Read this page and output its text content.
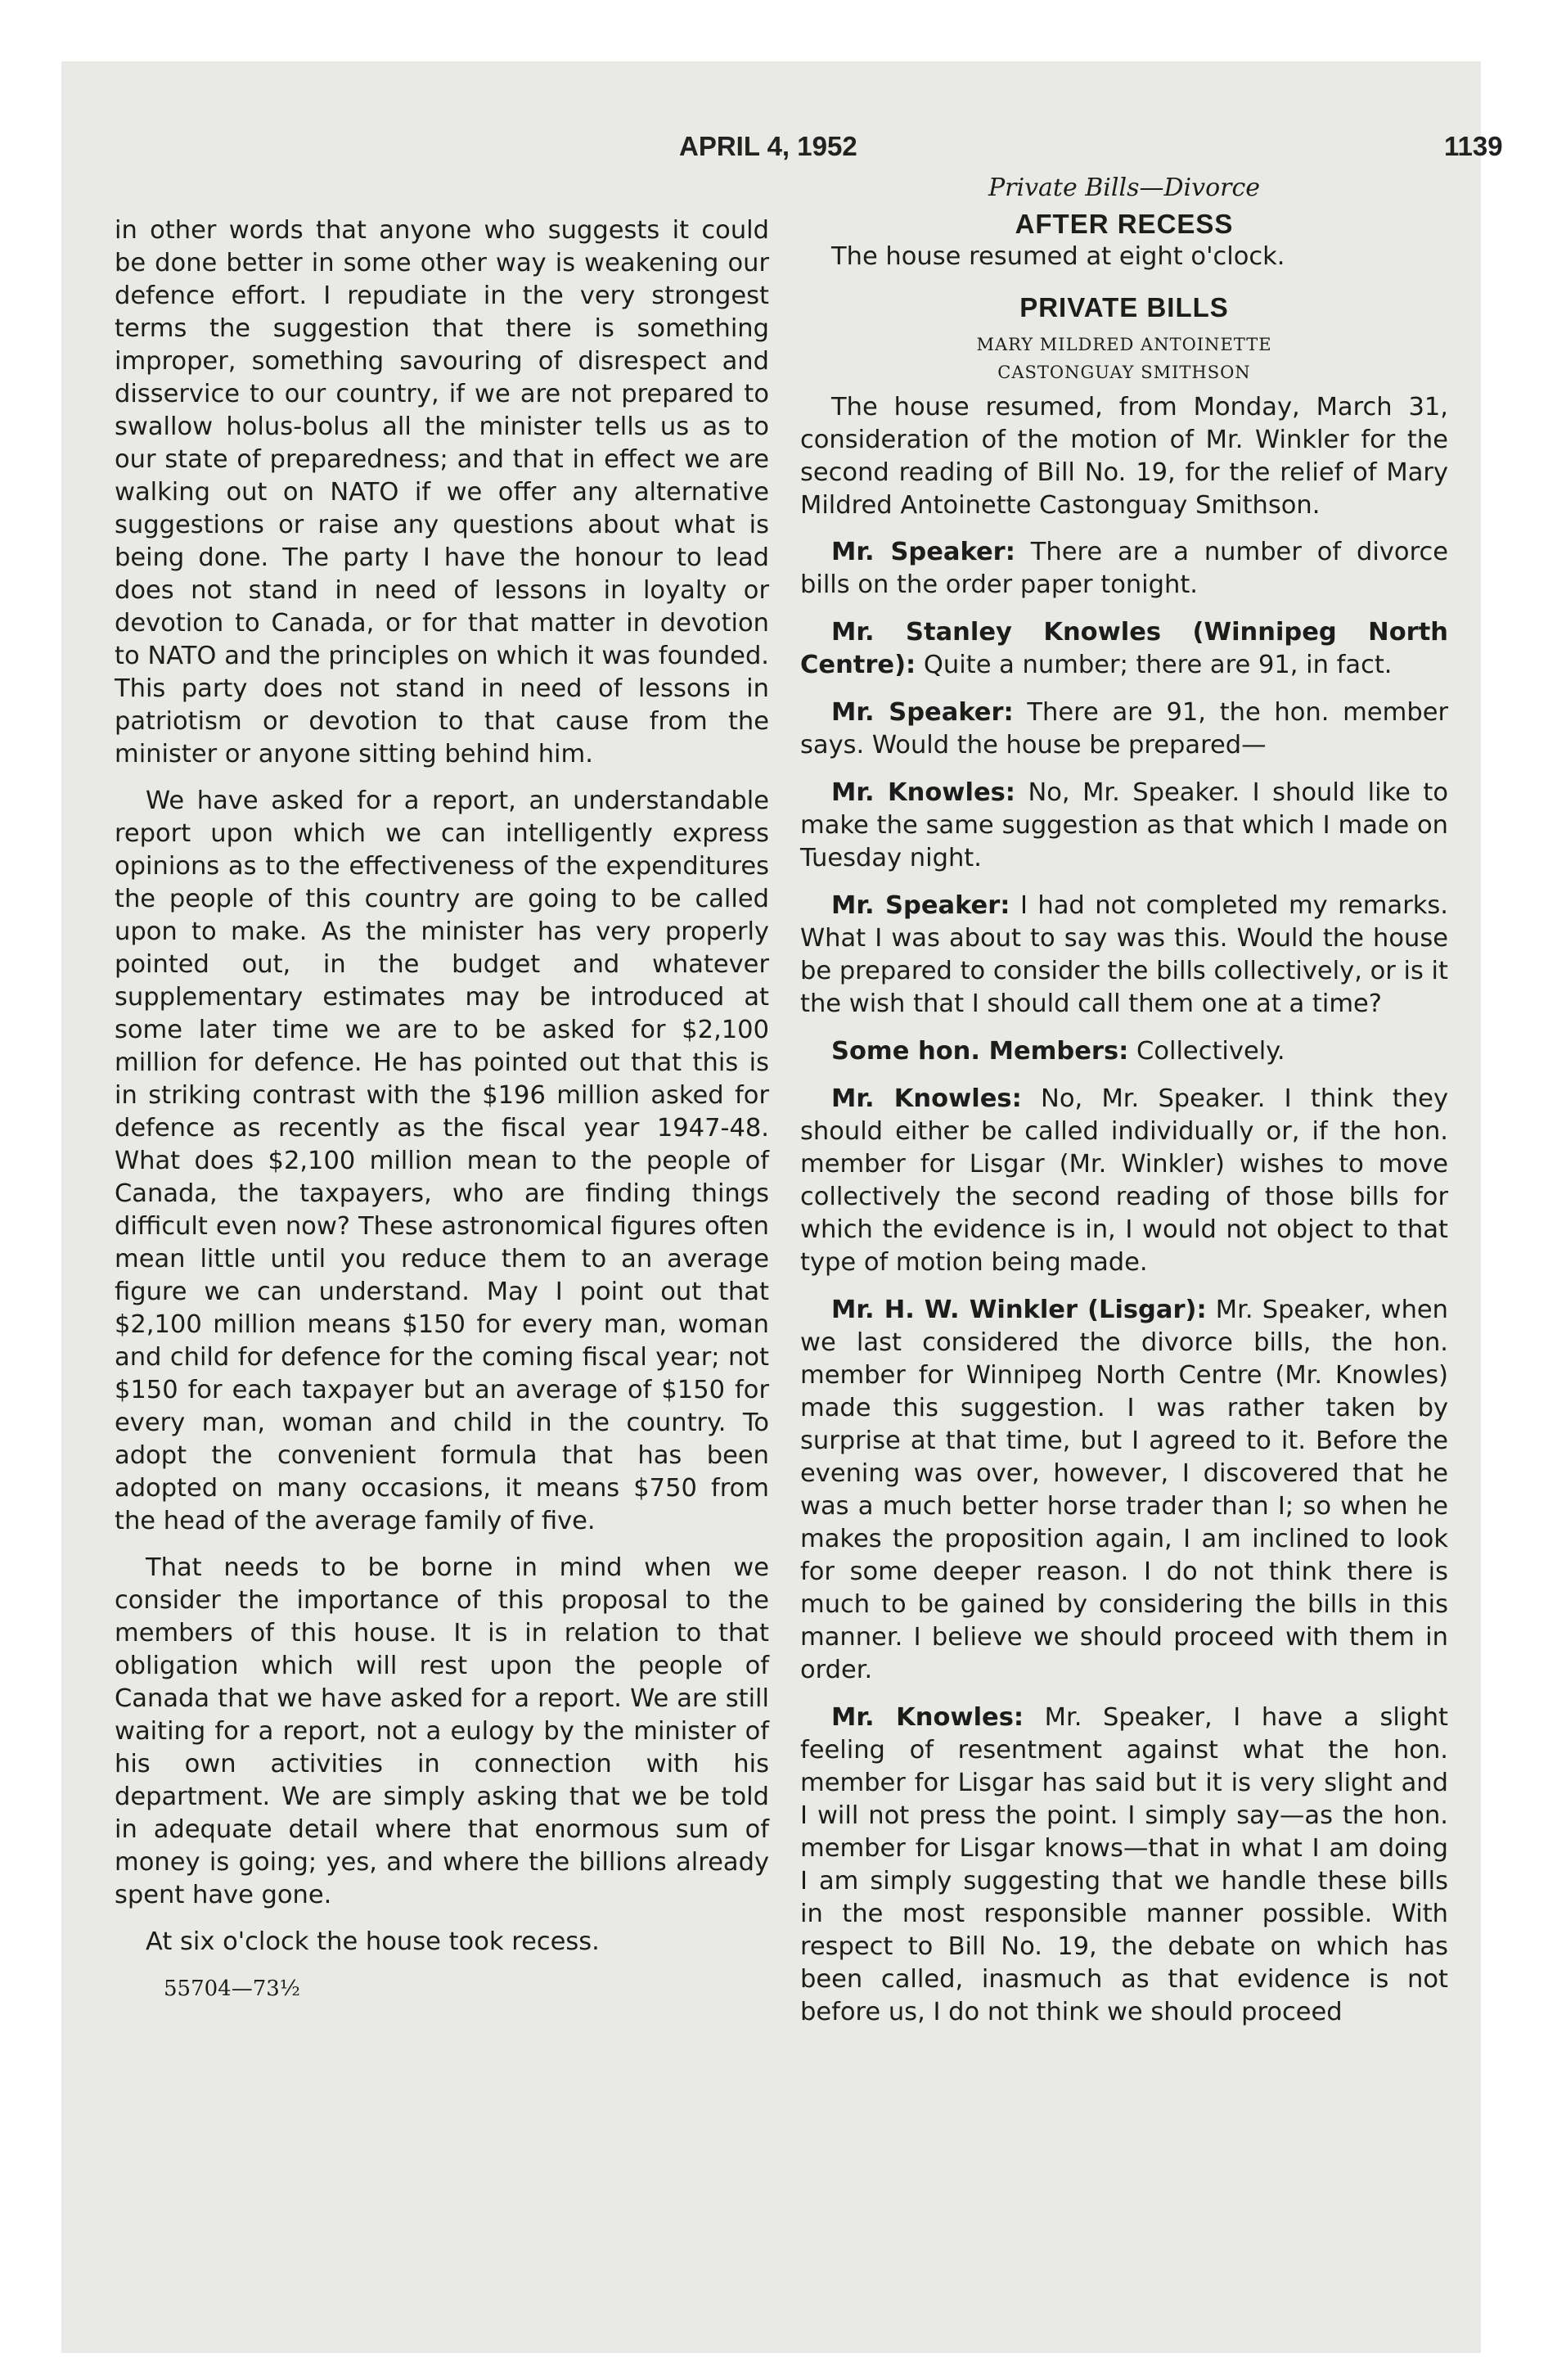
APRIL 4, 1952	1139

in other words that anyone who suggests it could be done better in some other way is weakening our defence effort. I repudiate in the very strongest terms the suggestion that there is something improper, something savouring of disrespect and disservice to our country, if we are not prepared to swallow holus-bolus all the minister tells us as to our state of preparedness; and that in effect we are walking out on NATO if we offer any alternative suggestions or raise any questions about what is being done. The party I have the honour to lead does not stand in need of lessons in loyalty or devotion to Canada, or for that matter in devotion to NATO and the principles on which it was founded. This party does not stand in need of lessons in patriotism or devotion to that cause from the minister or anyone sitting behind him.

We have asked for a report, an understandable report upon which we can intelligently express opinions as to the effectiveness of the expenditures the people of this country are going to be called upon to make. As the minister has very properly pointed out, in the budget and whatever supplementary estimates may be introduced at some later time we are to be asked for $2,100 million for defence. He has pointed out that this is in striking contrast with the $196 million asked for defence as recently as the fiscal year 1947-48. What does $2,100 million mean to the people of Canada, the taxpayers, who are finding things difficult even now? These astronomical figures often mean little until you reduce them to an average figure we can understand. May I point out that $2,100 million means $150 for every man, woman and child for defence for the coming fiscal year; not $150 for each taxpayer but an average of $150 for every man, woman and child in the country. To adopt the convenient formula that has been adopted on many occasions, it means $750 from the head of the average family of five.

That needs to be borne in mind when we consider the importance of this proposal to the members of this house. It is in relation to that obligation which will rest upon the people of Canada that we have asked for a report. We are still waiting for a report, not a eulogy by the minister of his own activities in connection with his department. We are simply asking that we be told in adequate detail where that enormous sum of money is going; yes, and where the billions already spent have gone.

At six o'clock the house took recess.

55704—73½
Private Bills—Divorce
AFTER RECESS

The house resumed at eight o'clock.

PRIVATE BILLS
MARY MILDRED ANTOINETTE
CASTONGUAY SMITHSON

The house resumed, from Monday, March 31, consideration of the motion of Mr. Winkler for the second reading of Bill No. 19, for the relief of Mary Mildred Antoinette Castonguay Smithson.

Mr. Speaker: There are a number of divorce bills on the order paper tonight.

Mr. Stanley Knowles (Winnipeg North Centre): Quite a number; there are 91, in fact.

Mr. Speaker: There are 91, the hon. member says. Would the house be prepared—

Mr. Knowles: No, Mr. Speaker. I should like to make the same suggestion as that which I made on Tuesday night.

Mr. Speaker: I had not completed my remarks. What I was about to say was this. Would the house be prepared to consider the bills collectively, or is it the wish that I should call them one at a time?

Some hon. Members: Collectively.

Mr. Knowles: No, Mr. Speaker. I think they should either be called individually or, if the hon. member for Lisgar (Mr. Winkler) wishes to move collectively the second reading of those bills for which the evidence is in, I would not object to that type of motion being made.

Mr. H. W. Winkler (Lisgar): Mr. Speaker, when we last considered the divorce bills, the hon. member for Winnipeg North Centre (Mr. Knowles) made this suggestion. I was rather taken by surprise at that time, but I agreed to it. Before the evening was over, however, I discovered that he was a much better horse trader than I; so when he makes the proposition again, I am inclined to look for some deeper reason. I do not think there is much to be gained by considering the bills in this manner. I believe we should proceed with them in order.

Mr. Knowles: Mr. Speaker, I have a slight feeling of resentment against what the hon. member for Lisgar has said but it is very slight and I will not press the point. I simply say—as the hon. member for Lisgar knows—that in what I am doing I am simply suggesting that we handle these bills in the most responsible manner possible. With respect to Bill No. 19, the debate on which has been called, inasmuch as that evidence is not before us, I do not think we should proceed
